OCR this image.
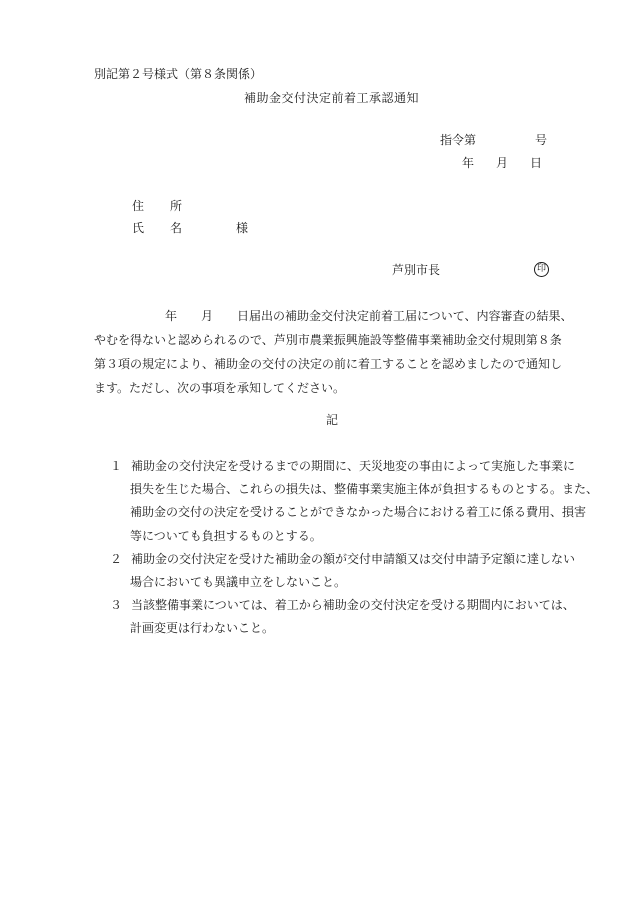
別記第２号様式（第８条関係）
補助金交付決定前着工承認通知
指令第	号
年 月 日
住 所
氏 名	様
芦別市長	印
年　　月　　日届出の補助金交付決定前着工届について、内容審査の結果、
やむを得ないと認められるので、芦別市農業振興施設等整備事業補助金交付規則第８条
第３項の規定により、補助金の交付の決定の前に着工することを認めましたので通知し
ます。ただし、次の事項を承知してください。
記
１ 補助金の交付決定を受けるまでの期間に、天災地変の事由によって実施した事業に
損失を生じた場合、これらの損失は、整備事業実施主体が負担するものとする。また、
補助金の交付の決定を受けることができなかった場合における着工に係る費用、損害
等についても負担するものとする。
２ 補助金の交付決定を受けた補助金の額が交付申請額又は交付申請予定額に達しない
場合においても異議申立をしないこと。
３ 当該整備事業については、着工から補助金の交付決定を受ける期間内においては、
計画変更は行わないこと。
